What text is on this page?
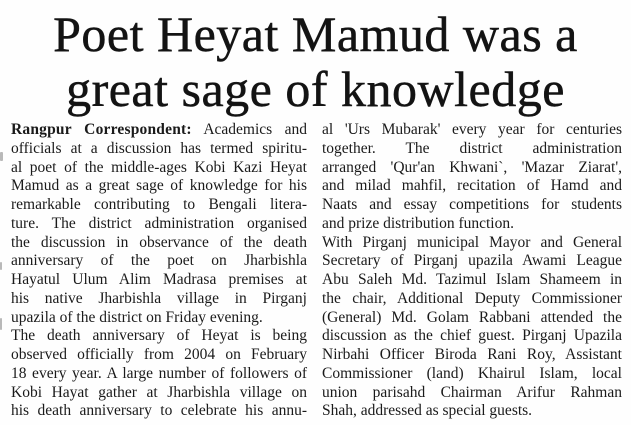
Poet Heyat Mamud was a
great sage of knowledge
Rangpur Correspondent: Academics and
officials at a discussion has termed spiritu-
al poet of the middle-ages Kobi Kazi Heyat
Mamud as a great sage of knowledge for his
remarkable contributing to Bengali litera-
ture. The district administration organised
the discussion in observance of the death
anniversary of the poet on Jharbishla
Hayatul Ulum Alim Madrasa premises at
his native Jharbishla village in Pirganj
upazila of the district on Friday evening.
The death anniversary of Heyat is being
observed officially from 2004 on February
18 every year. A large number of followers of
Kobi Hayat gather at Jharbishla village on
his death anniversary to celebrate his annu-
al 'Urs Mubarak' every year for centuries
together. The district administration
arranged 'Qur'an Khwani`, 'Mazar Ziarat',
and milad mahfil, recitation of Hamd and
Naats and essay competitions for students
and prize distribution function.
With Pirganj municipal Mayor and General
Secretary of Pirganj upazila Awami League
Abu Saleh Md. Tazimul Islam Shameem in
the chair, Additional Deputy Commissioner
(General) Md. Golam Rabbani attended the
discussion as the chief guest. Pirganj Upazila
Nirbahi Officer Biroda Rani Roy, Assistant
Commissioner (land) Khairul Islam, local
union parisahd Chairman Arifur Rahman
Shah, addressed as special guests.
